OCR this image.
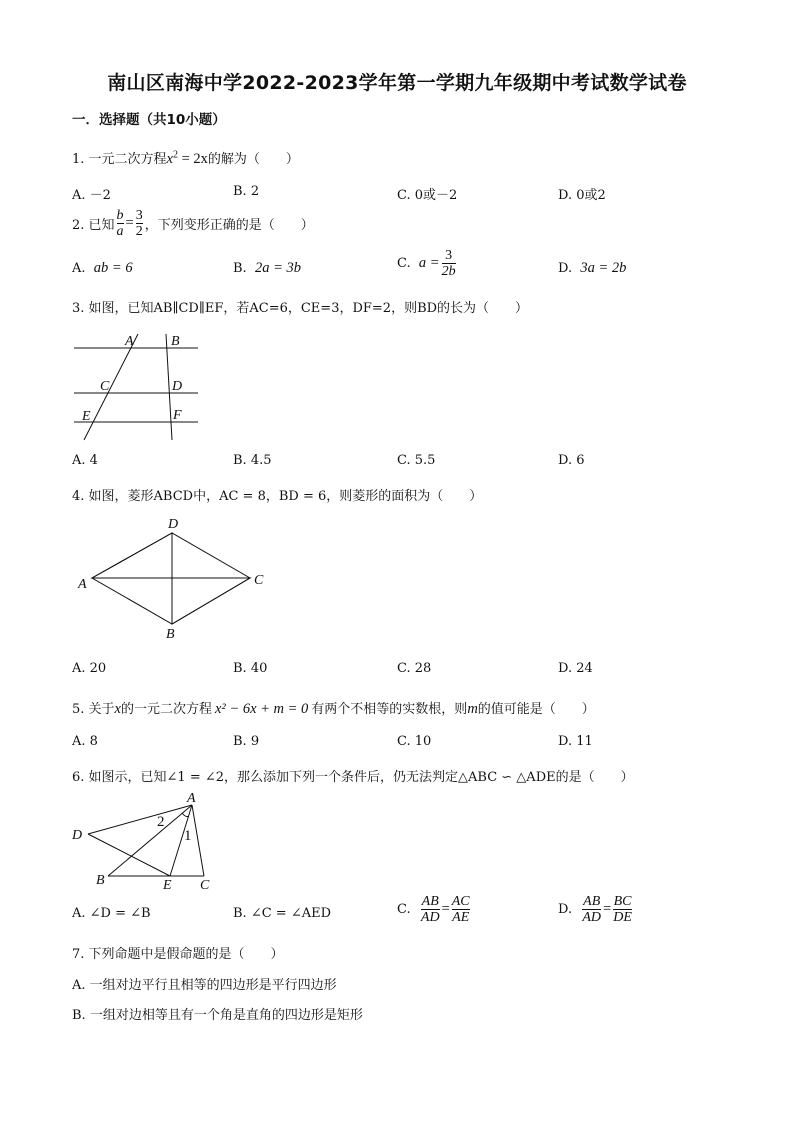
南山区南海中学2022-2023学年第一学期九年级期中考试数学试卷
一．选择题（共10小题）
1. 一元二次方程$x^2 = 2x$的解为（　　）
A. －2	B. 2	C. 0或－2	D. 0或2
2. 已知 $\frac{b}{a} = \frac{3}{2}$ ，下列变形正确的是（　　）
A. ab = 6	B. 2a = 3b	C. $a = \frac{3}{2b}$	D. 3a = 2b
3. 如图，已知AB∥CD∥EF，若AC=6，CE=3，DF=2，则BD的长为（　　）
A	B
C	D
E	F
A. 4	B. 4.5	C. 5.5	D. 6
4. 如图，菱形ABCD中，AC = 8，BD = 6，则菱形的面积为（　　）
D
A	C
B
A. 20	B. 40	C. 28	D. 24
5. 关于x的一元二次方程 x² − 6x + m = 0 有两个不相等的实数根，则m的值可能是（　　）
A. 8	B. 9	C. 10	D. 11
6. 如图示，已知∠1 = ∠2，那么添加下列一个条件后，仍无法判定△ABC ∽ △ADE的是（　　）
A
D
2
1
B	E C
A. ∠D = ∠B	B. ∠C = ∠AED	C. $\frac{AB}{AD} = \frac{AC}{AE}$	D. $\frac{AB}{AD} = \frac{BC}{DE}$
7. 下列命题中是假命题的是（　　）
A. 一组对边平行且相等的四边形是平行四边形
B. 一组对边相等且有一个角是直角的四边形是矩形
